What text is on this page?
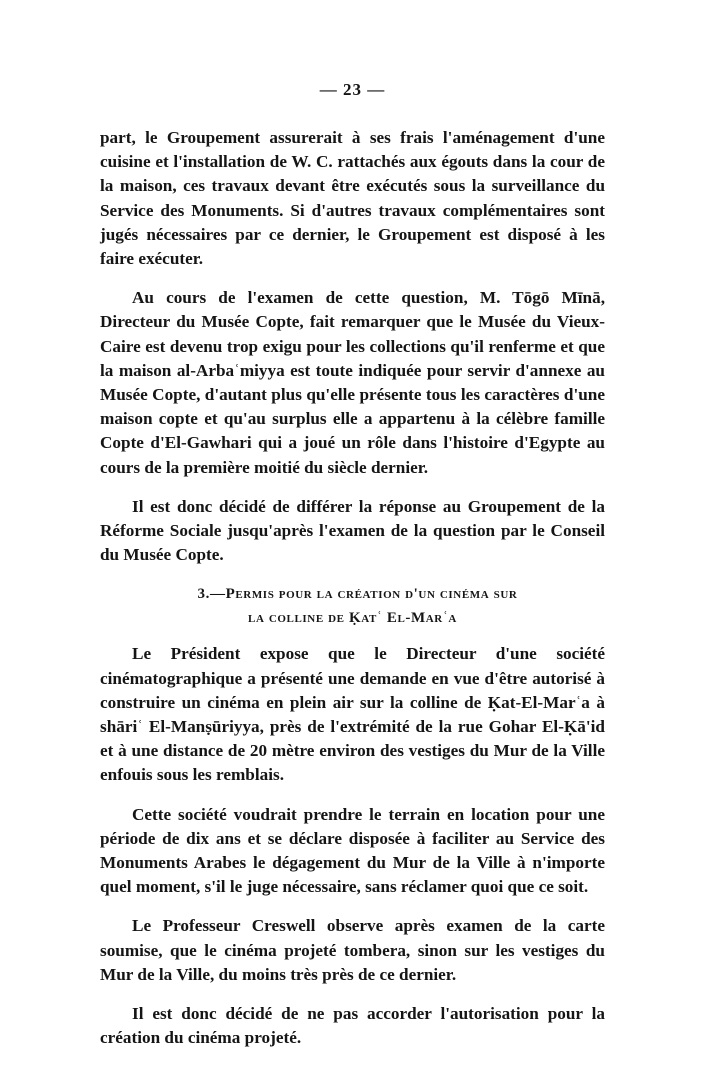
— 23 —

part, le Groupement assurerait à ses frais l'aménagement d'une cuisine et l'installation de W. C. rattachés aux égouts dans la cour de la maison, ces travaux devant être exécutés sous la surveillance du Service des Monuments. Si d'autres travaux complémentaires sont jugés nécessaires par ce dernier, le Groupement est disposé à les faire exécuter.

Au cours de l'examen de cette question, M. Tōgō Mīnā, Directeur du Musée Copte, fait remarquer que le Musée du Vieux-Caire est devenu trop exigu pour les collections qu'il renferme et que la maison al-Arbaʿmiyya est toute indiquée pour servir d'annexe au Musée Copte, d'autant plus qu'elle présente tous les caractères d'une maison copte et qu'au surplus elle a appartenu à la célèbre famille Copte d'El-Gawhari qui a joué un rôle dans l'histoire d'Egypte au cours de la première moitié du siècle dernier.

Il est donc décidé de différer la réponse au Groupement de la Réforme Sociale jusqu'après l'examen de la question par le Conseil du Musée Copte.

3.—Permis pour la création d'un cinéma sur
la colline de Ḳatʿ El-Marʿa

Le Président expose que le Directeur d'une société cinématographique a présenté une demande en vue d'être autorisé à construire un cinéma en plein air sur la colline de Ḳat-El-Marʿa à shāriʿ El-Manṣūriyya, près de l'extrémité de la rue Gohar El-Ḳā'id et à une distance de 20 mètre environ des vestiges du Mur de la Ville enfouis sous les remblais.

Cette société voudrait prendre le terrain en location pour une période de dix ans et se déclare disposée à faciliter au Service des Monuments Arabes le dégagement du Mur de la Ville à n'importe quel moment, s'il le juge nécessaire, sans réclamer quoi que ce soit.

Le Professeur Creswell observe après examen de la carte soumise, que le cinéma projeté tombera, sinon sur les vestiges du Mur de la Ville, du moins très près de ce dernier.

Il est donc décidé de ne pas accorder l'autorisation pour la création du cinéma projeté.
